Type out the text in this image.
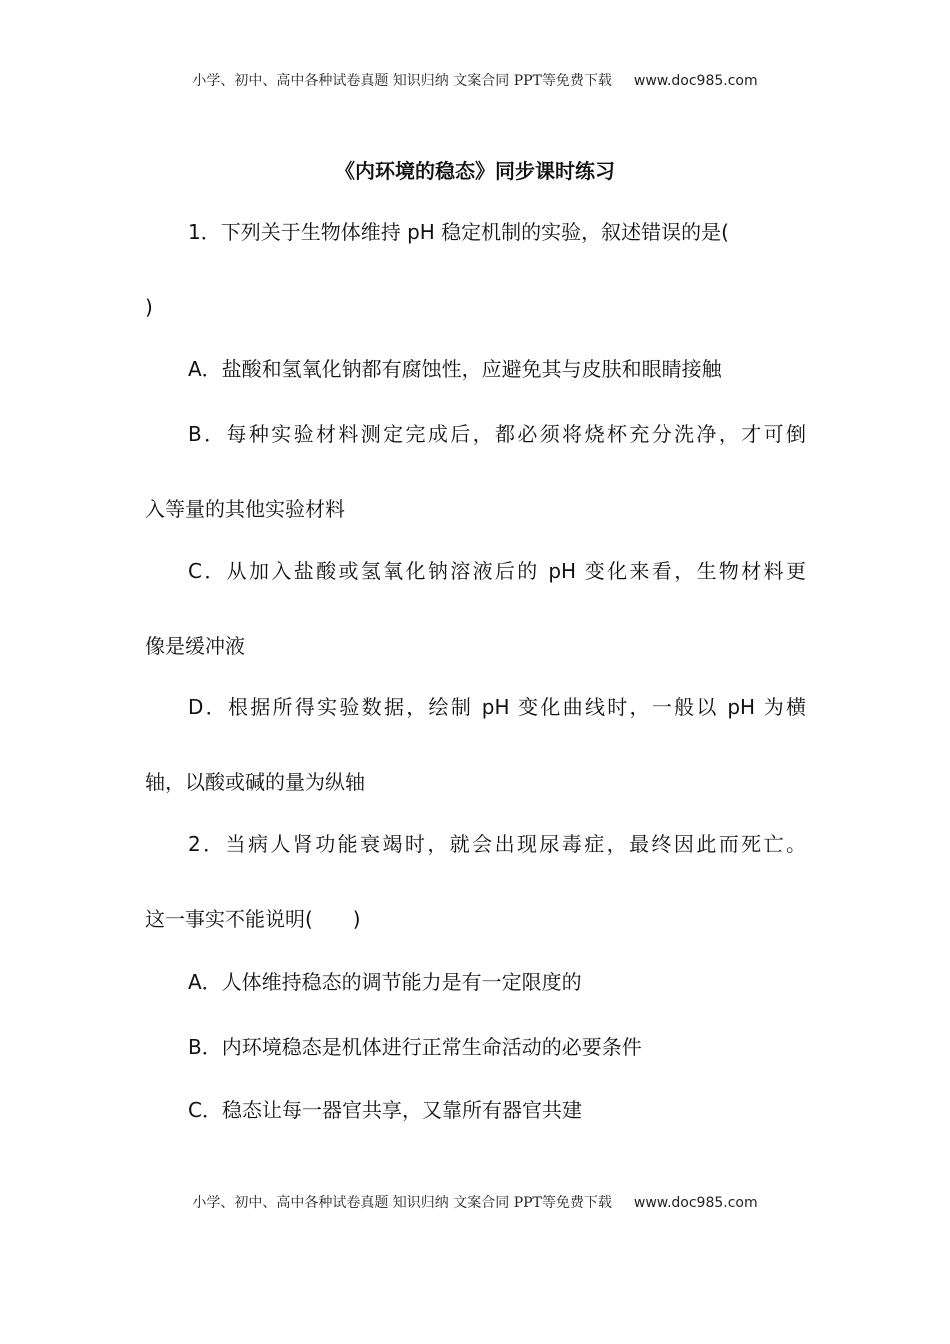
小学、初中、高中各种试卷真题 知识归纳 文案合同 PPT等免费下载 www.doc985.com
《内环境的稳态》同步课时练习
1．下列关于生物体维持 pH 稳定机制的实验，叙述错误的是(
)
A．盐酸和氢氧化钠都有腐蚀性，应避免其与皮肤和眼睛接触
B．每种实验材料测定完成后，都必须将烧杯充分洗净，才可倒
入等量的其他实验材料
C．从加入盐酸或氢氧化钠溶液后的 pH 变化来看，生物材料更
像是缓冲液
D．根据所得实验数据，绘制 pH 变化曲线时，一般以 pH 为横
轴，以酸或碱的量为纵轴
2．当病人肾功能衰竭时，就会出现尿毒症，最终因此而死亡。
这一事实不能说明(　　)
A．人体维持稳态的调节能力是有一定限度的
B．内环境稳态是机体进行正常生命活动的必要条件
C．稳态让每一器官共享，又靠所有器官共建
小学、初中、高中各种试卷真题 知识归纳 文案合同 PPT等免费下载 www.doc985.com
